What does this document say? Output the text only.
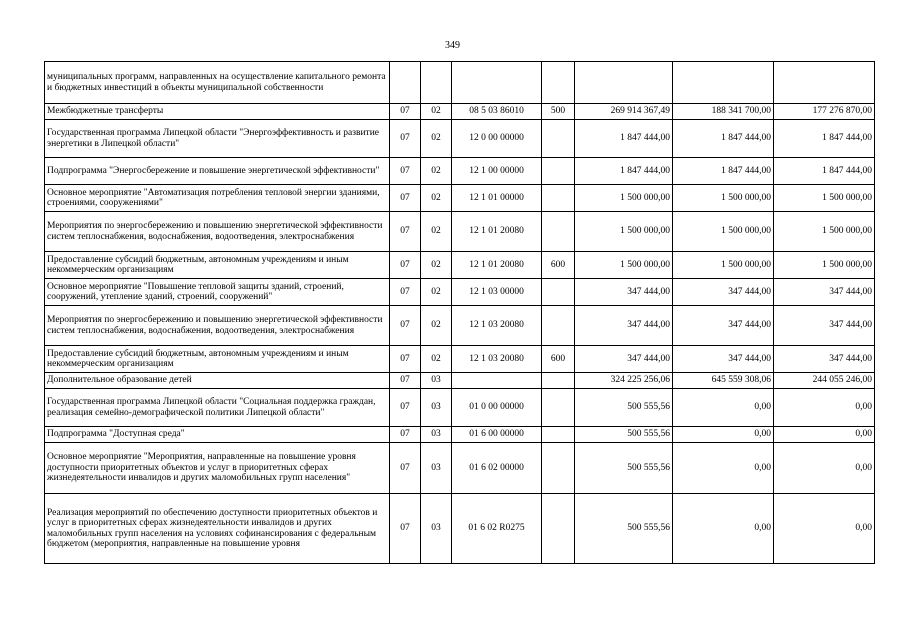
349
муниципальных программ, направленных на осуществление капитального ремонта и бюджетных инвестиций в объекты муниципальной собственности							
Межбюджетные трансферты	07	02	08 5 03 86010	500	269 914 367,49	188 341 700,00	177 276 870,00
Государственная программа Липецкой области "Энергоэффективность и развитие энергетики в Липецкой области"	07	02	12 0 00 00000		1 847 444,00	1 847 444,00	1 847 444,00
Подпрограмма "Энергосбережение и повышение энергетической эффективности"	07	02	12 1 00 00000		1 847 444,00	1 847 444,00	1 847 444,00
Основное мероприятие "Автоматизация потребления тепловой энергии зданиями, строениями, сооружениями"	07	02	12 1 01 00000		1 500 000,00	1 500 000,00	1 500 000,00
Мероприятия по энергосбережению и повышению энергетической эффективности систем теплоснабжения, водоснабжения, водоотведения, электроснабжения	07	02	12 1 01 20080		1 500 000,00	1 500 000,00	1 500 000,00
Предоставление субсидий бюджетным, автономным учреждениям и иным некоммерческим организациям	07	02	12 1 01 20080	600	1 500 000,00	1 500 000,00	1 500 000,00
Основное мероприятие "Повышение тепловой защиты зданий, строений, сооружений, утепление зданий, строений, сооружений"	07	02	12 1 03 00000		347 444,00	347 444,00	347 444,00
Мероприятия по энергосбережению и повышению энергетической эффективности систем теплоснабжения, водоснабжения, водоотведения, электроснабжения	07	02	12 1 03 20080		347 444,00	347 444,00	347 444,00
Предоставление субсидий бюджетным, автономным учреждениям и иным некоммерческим организациям	07	02	12 1 03 20080	600	347 444,00	347 444,00	347 444,00
Дополнительное образование детей	07	03			324 225 256,06	645 559 308,06	244 055 246,00
Государственная программа Липецкой области "Социальная поддержка граждан, реализация семейно-демографической политики Липецкой области"	07	03	01 0 00 00000		500 555,56	0,00	0,00
Подпрограмма "Доступная среда"	07	03	01 6 00 00000		500 555,56	0,00	0,00
Основное мероприятие "Мероприятия, направленные на повышение уровня доступности приоритетных объектов и услуг в приоритетных сферах жизнедеятельности инвалидов и других маломобильных групп населения"	07	03	01 6 02 00000		500 555,56	0,00	0,00
Реализация мероприятий по обеспечению доступности приоритетных объектов и услуг в приоритетных сферах жизнедеятельности инвалидов и других маломобильных групп населения на условиях софинансирования с федеральным бюджетом (мероприятия, направленные на повышение уровня	07	03	01 6 02 R0275		500 555,56	0,00	0,00
